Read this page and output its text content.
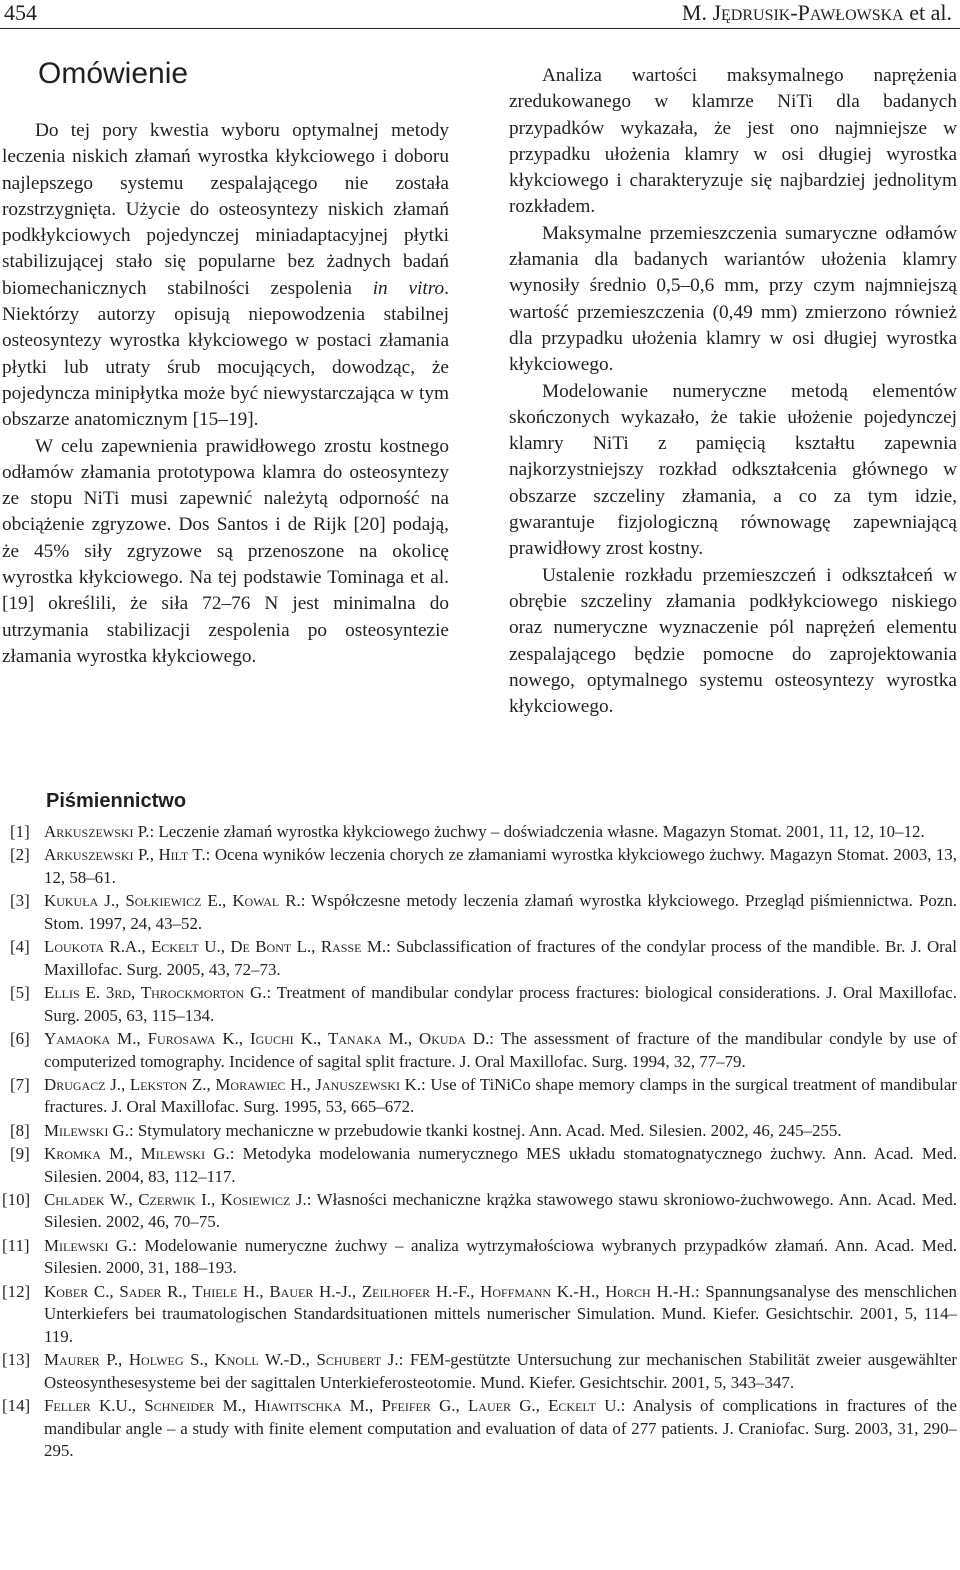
454	M. JĘDRUSIK-PAWŁOWSKA et al.
Omówienie

Do tej pory kwestia wyboru optymalnej metody leczenia niskich złamań wyrostka kłykciowego i doboru najlepszego systemu zespalającego nie została rozstrzygnięta. Użycie do osteosyntezy niskich złamań podkłykciowych pojedynczej miniadaptacyjnej płytki stabilizującej stało się popularne bez żadnych badań biomechanicznych stabilności zespolenia in vitro. Niektórzy autorzy opisują niepowodzenia stabilnej osteosyntezy wyrostka kłykciowego w postaci złamania płytki lub utraty śrub mocujących, dowodząc, że pojedyncza minipłytka może być niewystarczająca w tym obszarze anatomicznym [15–19].

W celu zapewnienia prawidłowego zrostu kostnego odłamów złamania prototypowa klamra do osteosyntezy ze stopu NiTi musi zapewnić należytą odporność na obciążenie zgryzowe. Dos Santos i de Rijk [20] podają, że 45% siły zgryzowe są przenoszone na okolicę wyrostka kłykciowego. Na tej podstawie Tominaga et al. [19] określili, że siła 72–76 N jest minimalna do utrzymania stabilizacji zespolenia po osteosyntezie złamania wyrostka kłykciowego.

Analiza wartości maksymalnego naprężenia zredukowanego w klamrze NiTi dla badanych przypadków wykazała, że jest ono najmniejsze w przypadku ułożenia klamry w osi długiej wyrostka kłykciowego i charakteryzuje się najbardziej jednolitym rozkładem.

Maksymalne przemieszczenia sumaryczne odłamów złamania dla badanych wariantów ułożenia klamry wynosiły średnio 0,5–0,6 mm, przy czym najmniejszą wartość przemieszczenia (0,49 mm) zmierzono również dla przypadku ułożenia klamry w osi długiej wyrostka kłykciowego.

Modelowanie numeryczne metodą elementów skończonych wykazało, że takie ułożenie pojedynczej klamry NiTi z pamięcią kształtu zapewnia najkorzystniejszy rozkład odkształcenia głównego w obszarze szczeliny złamania, a co za tym idzie, gwarantuje fizjologiczną równowagę zapewniającą prawidłowy zrost kostny.

Ustalenie rozkładu przemieszczeń i odkształceń w obrębie szczeliny złamania podkłykciowego niskiego oraz numeryczne wyznaczenie pól naprężeń elementu zespalającego będzie pomocne do zaprojektowania nowego, optymalnego systemu osteosyntezy wyrostka kłykciowego.

Piśmiennictwo
[1] Arkuszewski P.: Leczenie złamań wyrostka kłykciowego żuchwy – doświadczenia własne. Magazyn Stomat. 2001, 11, 12, 10–12.
[2] Arkuszewski P., Hilt T.: Ocena wyników leczenia chorych ze złamaniami wyrostka kłykciowego żuchwy. Magazyn Stomat. 2003, 13, 12, 58–61.
[3] Kukuła J., Sołkiewicz E., Kowal R.: Współczesne metody leczenia złamań wyrostka kłykciowego. Przegląd piśmiennictwa. Pozn. Stom. 1997, 24, 43–52.
[4] Loukota R.A., Eckelt U., De Bont L., Rasse M.: Subclassification of fractures of the condylar process of the mandible. Br. J. Oral Maxillofac. Surg. 2005, 43, 72–73.
[5] Ellis E. 3rd, Throckmorton G.: Treatment of mandibular condylar process fractures: biological considerations. J. Oral Maxillofac. Surg. 2005, 63, 115–134.
[6] Yamaoka M., Furosawa K., Iguchi K., Tanaka M., Okuda D.: The assessment of fracture of the mandibular condyle by use of computerized tomography. Incidence of sagital split fracture. J. Oral Maxillofac. Surg. 1994, 32, 77–79.
[7] Drugacz J., Lekston Z., Morawiec H., Januszewski K.: Use of TiNiCo shape memory clamps in the surgical treatment of mandibular fractures. J. Oral Maxillofac. Surg. 1995, 53, 665–672.
[8] Milewski G.: Stymulatory mechaniczne w przebudowie tkanki kostnej. Ann. Acad. Med. Silesien. 2002, 46, 245–255.
[9] Kromka M., Milewski G.: Metodyka modelowania numerycznego MES układu stomatognatycznego żuchwy. Ann. Acad. Med. Silesien. 2004, 83, 112–117.
[10] Chladek W., Czerwik I., Kosiewicz J.: Własności mechaniczne krążka stawowego stawu skroniowo-żuchwowego. Ann. Acad. Med. Silesien. 2002, 46, 70–75.
[11] Milewski G.: Modelowanie numeryczne żuchwy – analiza wytrzymałościowa wybranych przypadków złamań. Ann. Acad. Med. Silesien. 2000, 31, 188–193.
[12] Kober C., Sader R., Thiele H., Bauer H.-J., Zeilhofer H.-F., Hoffmann K.-H., Horch H.-H.: Spannungsanalyse des menschlichen Unterkiefers bei traumatologischen Standardsituationen mittels numerischer Simulation. Mund. Kiefer. Gesichtschir. 2001, 5, 114–119.
[13] Maurer P., Holweg S., Knoll W.-D., Schubert J.: FEM-gestützte Untersuchung zur mechanischen Stabilität zweier ausgewählter Osteosynthesesysteme bei der sagittalen Unterkieferosteotomie. Mund. Kiefer. Gesichtschir. 2001, 5, 343–347.
[14] Feller K.U., Schneider M., Hiawitschka M., Pfeifer G., Lauer G., Eckelt U.: Analysis of complications in fractures of the mandibular angle – a study with finite element computation and evaluation of data of 277 patients. J. Craniofac. Surg. 2003, 31, 290–295.
